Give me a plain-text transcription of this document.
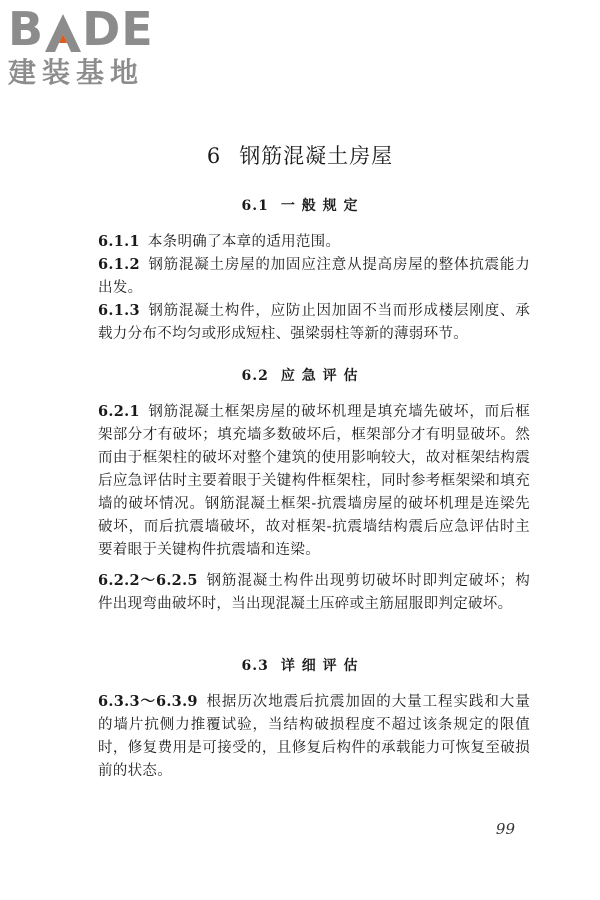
B DE
建装基地
6 钢筋混凝土房屋
6.1 一 般 规 定
6.1.1 本条明确了本章的适用范围。
6.1.2 钢筋混凝土房屋的加固应注意从提高房屋的整体抗震能力出发。
6.1.3 钢筋混凝土构件，应防止因加固不当而形成楼层刚度、承载力分布不均匀或形成短柱、强梁弱柱等新的薄弱环节。
6.2 应 急 评 估
6.2.1 钢筋混凝土框架房屋的破坏机理是填充墙先破坏，而后框架部分才有破坏；填充墙多数破坏后，框架部分才有明显破坏。然而由于框架柱的破坏对整个建筑的使用影响较大，故对框架结构震后应急评估时主要着眼于关键构件框架柱，同时参考框架梁和填充墙的破坏情况。钢筋混凝土框架-抗震墙房屋的破坏机理是连梁先破坏，而后抗震墙破坏，故对框架-抗震墙结构震后应急评估时主要着眼于关键构件抗震墙和连梁。
6.2.2～6.2.5 钢筋混凝土构件出现剪切破坏时即判定破坏；构件出现弯曲破坏时，当出现混凝土压碎或主筋屈服即判定破坏。
6.3 详 细 评 估
6.3.3～6.3.9 根据历次地震后抗震加固的大量工程实践和大量的墙片抗侧力推覆试验，当结构破损程度不超过该条规定的限值时，修复费用是可接受的，且修复后构件的承载能力可恢复至破损前的状态。
99
